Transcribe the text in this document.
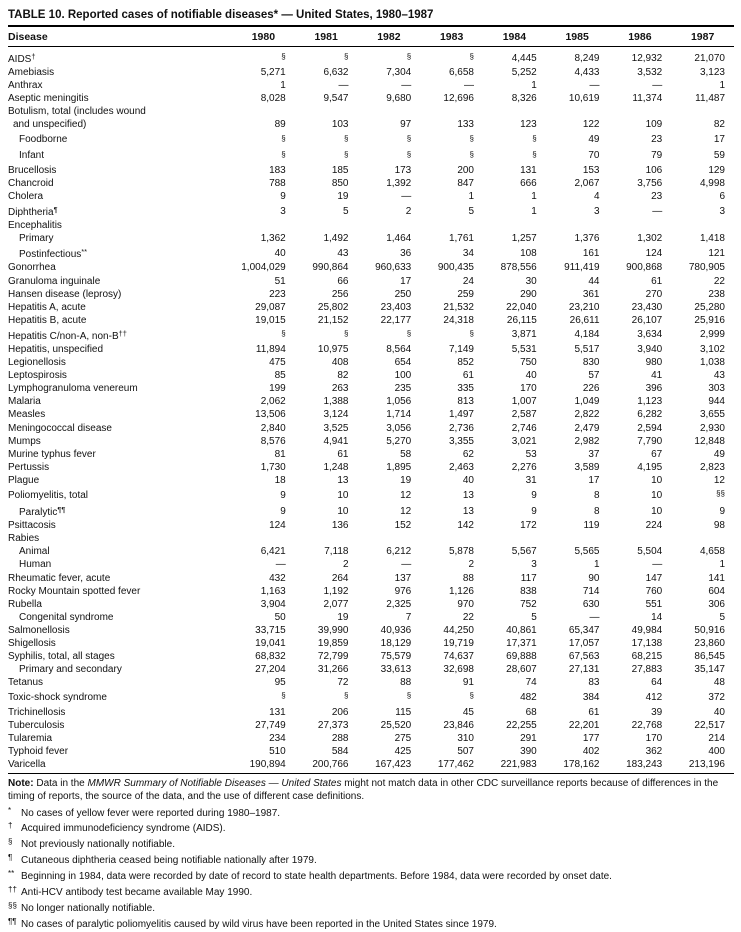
TABLE 10. Reported cases of notifiable diseases* — United States, 1980–1987
Disease	1980	1981	1982	1983	1984	1985	1986	1987
AIDS†	§	§	§	§	4,445	8,249	12,932	21,070
Amebiasis	5,271	6,632	7,304	6,658	5,252	4,433	3,532	3,123
Anthrax	1	—	—	—	1	—	—	1
Aseptic meningitis	8,028	9,547	9,680	12,696	8,326	10,619	11,374	11,487
Botulism, total (includes wound								
and unspecified)	89	103	97	133	123	122	109	82
Foodborne	§	§	§	§	§	49	23	17
Infant	§	§	§	§	§	70	79	59
Brucellosis	183	185	173	200	131	153	106	129
Chancroid	788	850	1,392	847	666	2,067	3,756	4,998
Cholera	9	19	—	1	1	4	23	6
Diphtheria¶	3	5	2	5	1	3	—	3
Encephalitis								
Primary	1,362	1,492	1,464	1,761	1,257	1,376	1,302	1,418
Postinfectious**	40	43	36	34	108	161	124	121
Gonorrhea	1,004,029	990,864	960,633	900,435	878,556	911,419	900,868	780,905
Granuloma inguinale	51	66	17	24	30	44	61	22
Hansen disease (leprosy)	223	256	250	259	290	361	270	238
Hepatitis A, acute	29,087	25,802	23,403	21,532	22,040	23,210	23,430	25,280
Hepatitis B, acute	19,015	21,152	22,177	24,318	26,115	26,611	26,107	25,916
Hepatitis C/non-A, non-B††	§	§	§	§	3,871	4,184	3,634	2,999
Hepatitis, unspecified	11,894	10,975	8,564	7,149	5,531	5,517	3,940	3,102
Legionellosis	475	408	654	852	750	830	980	1,038
Leptospirosis	85	82	100	61	40	57	41	43
Lymphogranuloma venereum	199	263	235	335	170	226	396	303
Malaria	2,062	1,388	1,056	813	1,007	1,049	1,123	944
Measles	13,506	3,124	1,714	1,497	2,587	2,822	6,282	3,655
Meningococcal disease	2,840	3,525	3,056	2,736	2,746	2,479	2,594	2,930
Mumps	8,576	4,941	5,270	3,355	3,021	2,982	7,790	12,848
Murine typhus fever	81	61	58	62	53	37	67	49
Pertussis	1,730	1,248	1,895	2,463	2,276	3,589	4,195	2,823
Plague	18	13	19	40	31	17	10	12
Poliomyelitis, total	9	10	12	13	9	8	10	§§
Paralytic¶¶	9	10	12	13	9	8	10	9
Psittacosis	124	136	152	142	172	119	224	98
Rabies								
Animal	6,421	7,118	6,212	5,878	5,567	5,565	5,504	4,658
Human	—	2	—	2	3	1	—	1
Rheumatic fever, acute	432	264	137	88	117	90	147	141
Rocky Mountain spotted fever	1,163	1,192	976	1,126	838	714	760	604
Rubella	3,904	2,077	2,325	970	752	630	551	306
Congenital syndrome	50	19	7	22	5	—	14	5
Salmonellosis	33,715	39,990	40,936	44,250	40,861	65,347	49,984	50,916
Shigellosis	19,041	19,859	18,129	19,719	17,371	17,057	17,138	23,860
Syphilis, total, all stages	68,832	72,799	75,579	74,637	69,888	67,563	68,215	86,545
Primary and secondary	27,204	31,266	33,613	32,698	28,607	27,131	27,883	35,147
Tetanus	95	72	88	91	74	83	64	48
Toxic-shock syndrome	§	§	§	§	482	384	412	372
Trichinellosis	131	206	115	45	68	61	39	40
Tuberculosis	27,749	27,373	25,520	23,846	22,255	22,201	22,768	22,517
Tularemia	234	288	275	310	291	177	170	214
Typhoid fever	510	584	425	507	390	402	362	400
Varicella	190,894	200,766	167,423	177,462	221,983	178,162	183,243	213,196
Note: Data in the MMWR Summary of Notifiable Diseases — United States might not match data in other CDC surveillance reports because of differences in the timing of reports, the source of the data, and the use of different case definitions.
* No cases of yellow fever were reported during 1980–1987.
† Acquired immunodeficiency syndrome (AIDS).
§ Not previously nationally notifiable.
¶ Cutaneous diphtheria ceased being notifiable nationally after 1979.
** Beginning in 1984, data were recorded by date of record to state health departments. Before 1984, data were recorded by onset date.
†† Anti-HCV antibody test became available May 1990.
§§ No longer nationally notifiable.
¶¶ No cases of paralytic poliomyelitis caused by wild virus have been reported in the United States since 1979.
